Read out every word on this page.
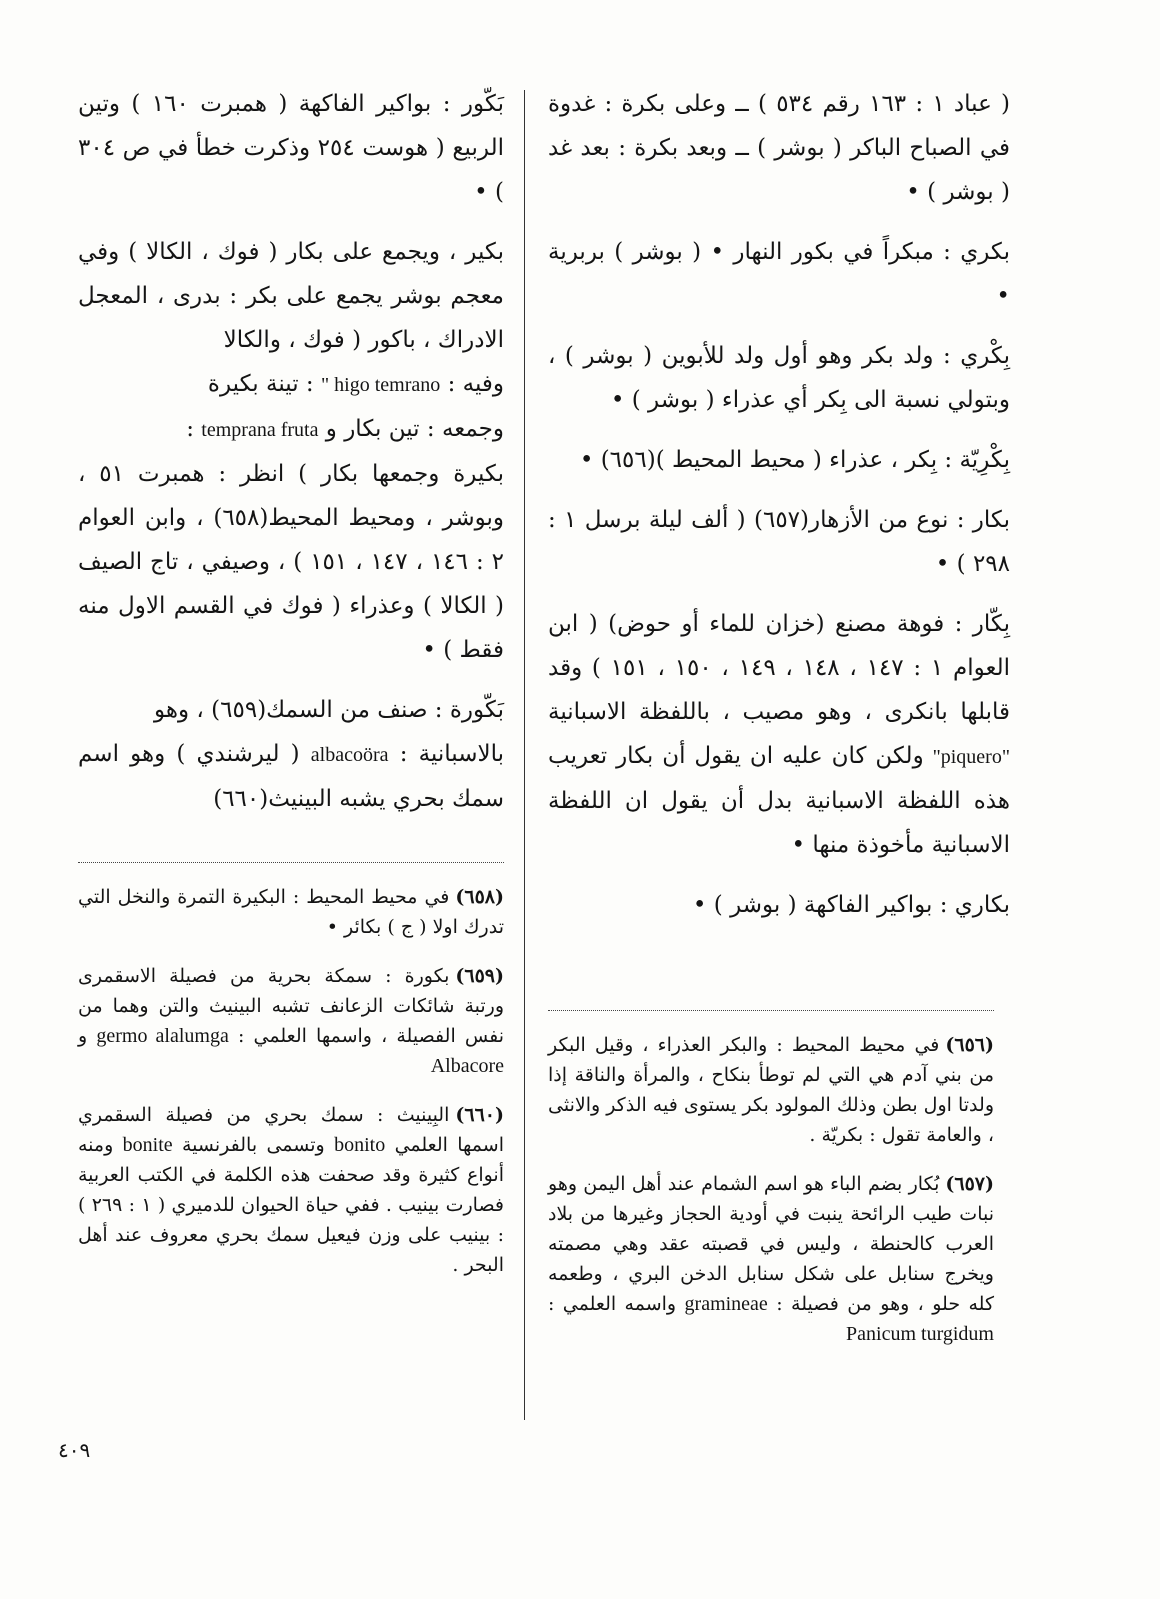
( عباد ١ : ١٦٣ رقم ٥٣٤ ) ــ وعلى بكرة : غدوة في الصباح الباكر ( بوشر ) ــ وبعد بكرة : بعد غد ( بوشر ) •

بكري : مبكراً في بكور النهار • ( بوشر ) بربرية •

بِكْري : ولد بكر وهو أول ولد للأبوين ( بوشر ) ، وبتولي نسبة الى بِكر أي عذراء ( بوشر ) •

بِكْرِيّة : بِكر ، عذراء ( محيط المحيط )(٦٥٦) •

بكار : نوع من الأزهار(٦٥٧) ( ألف ليلة برسل ١ : ٢٩٨ ) •

بِكّار : فوهة مصنع (خزان للماء أو حوض) ( ابن العوام ١ : ١٤٧ ، ١٤٨ ، ١٤٩ ، ١٥٠ ، ١٥١ ) وقد قابلها بانكرى ، وهو مصيب ، باللفظة الاسبانية "piquero" ولكن كان عليه ان يقول أن بكار تعريب هذه اللفظة الاسبانية بدل أن يقول ان اللفظة الاسبانية مأخوذة منها •

بكاري : بواكير الفاكهة ( بوشر ) •

بَكّور : بواكير الفاكهة ( همبرت ١٦٠ ) وتين الربيع ( هوست ٢٥٤ وذكرت خطأ في ص ٣٠٤ ) •

بكير ، ويجمع على بكار ( فوك ، الكالا ) وفي معجم بوشر يجمع على بكر : بدرى ، المعجل الادراك ، باكور ( فوك ، والكالا

وفيه : " higo temrano : تينة بكيرة

وجمعه : تين بكار و temprana fruta :

بكيرة وجمعها بكار ) انظر : همبرت ٥١ ، وبوشر ، ومحيط المحيط(٦٥٨) ، وابن العوام ٢ : ١٤٦ ، ١٤٧ ، ١٥١ ) ، وصيفي ، تاج الصيف ( الكالا ) وعذراء ( فوك في القسم الاول منه فقط ) •

بَكّورة : صنف من السمك(٦٥٩) ، وهو

بالاسبانية : albacoöra ( ليرشندي ) وهو اسم سمك بحري يشبه البينيث(٦٦٠)

(٦٥٨)في محيط المحيط : البكيرة التمرة والنخل التي تدرك اولا ( ج ) بكائر •

(٦٥٩)بكورة : سمكة بحرية من فصيلة الاسقمرى ورتبة شائكات الزعانف تشبه البينيث والتن وهما من نفس الفصيلة ، واسمها العلمي : germo alalumga و Albacore

(٦٦٠)البِينيث : سمك بحري من فصيلة السقمري اسمها العلمي bonito وتسمى بالفرنسية bonite ومنه أنواع كثيرة وقد صحفت هذه الكلمة في الكتب العربية فصارت بينيب . ففي حياة الحيوان للدميري ( ١ : ٢٦٩ ) : بينيب على وزن فيعيل سمك بحري معروف عند أهل البحر .

(٦٥٦)في محيط المحيط : والبكر العذراء ، وقيل البكر من بني آدم هي التي لم توطأ بنكاح ، والمرأة والناقة إذا ولدتا اول بطن وذلك المولود بكر يستوى فيه الذكر والانثى ، والعامة تقول : بكريّة .

(٦٥٧)بُكار بضم الباء هو اسم الشمام عند أهل اليمن وهو نبات طيب الرائحة ينبت في أودية الحجاز وغيرها من بلاد العرب كالحنطة ، وليس في قصبته عقد وهي مصمته ويخرج سنابل على شكل سنابل الدخن البري ، وطعمه كله حلو ، وهو من فصيلة : gramineae واسمه العلمي : Panicum turgidum

٤٠٩
